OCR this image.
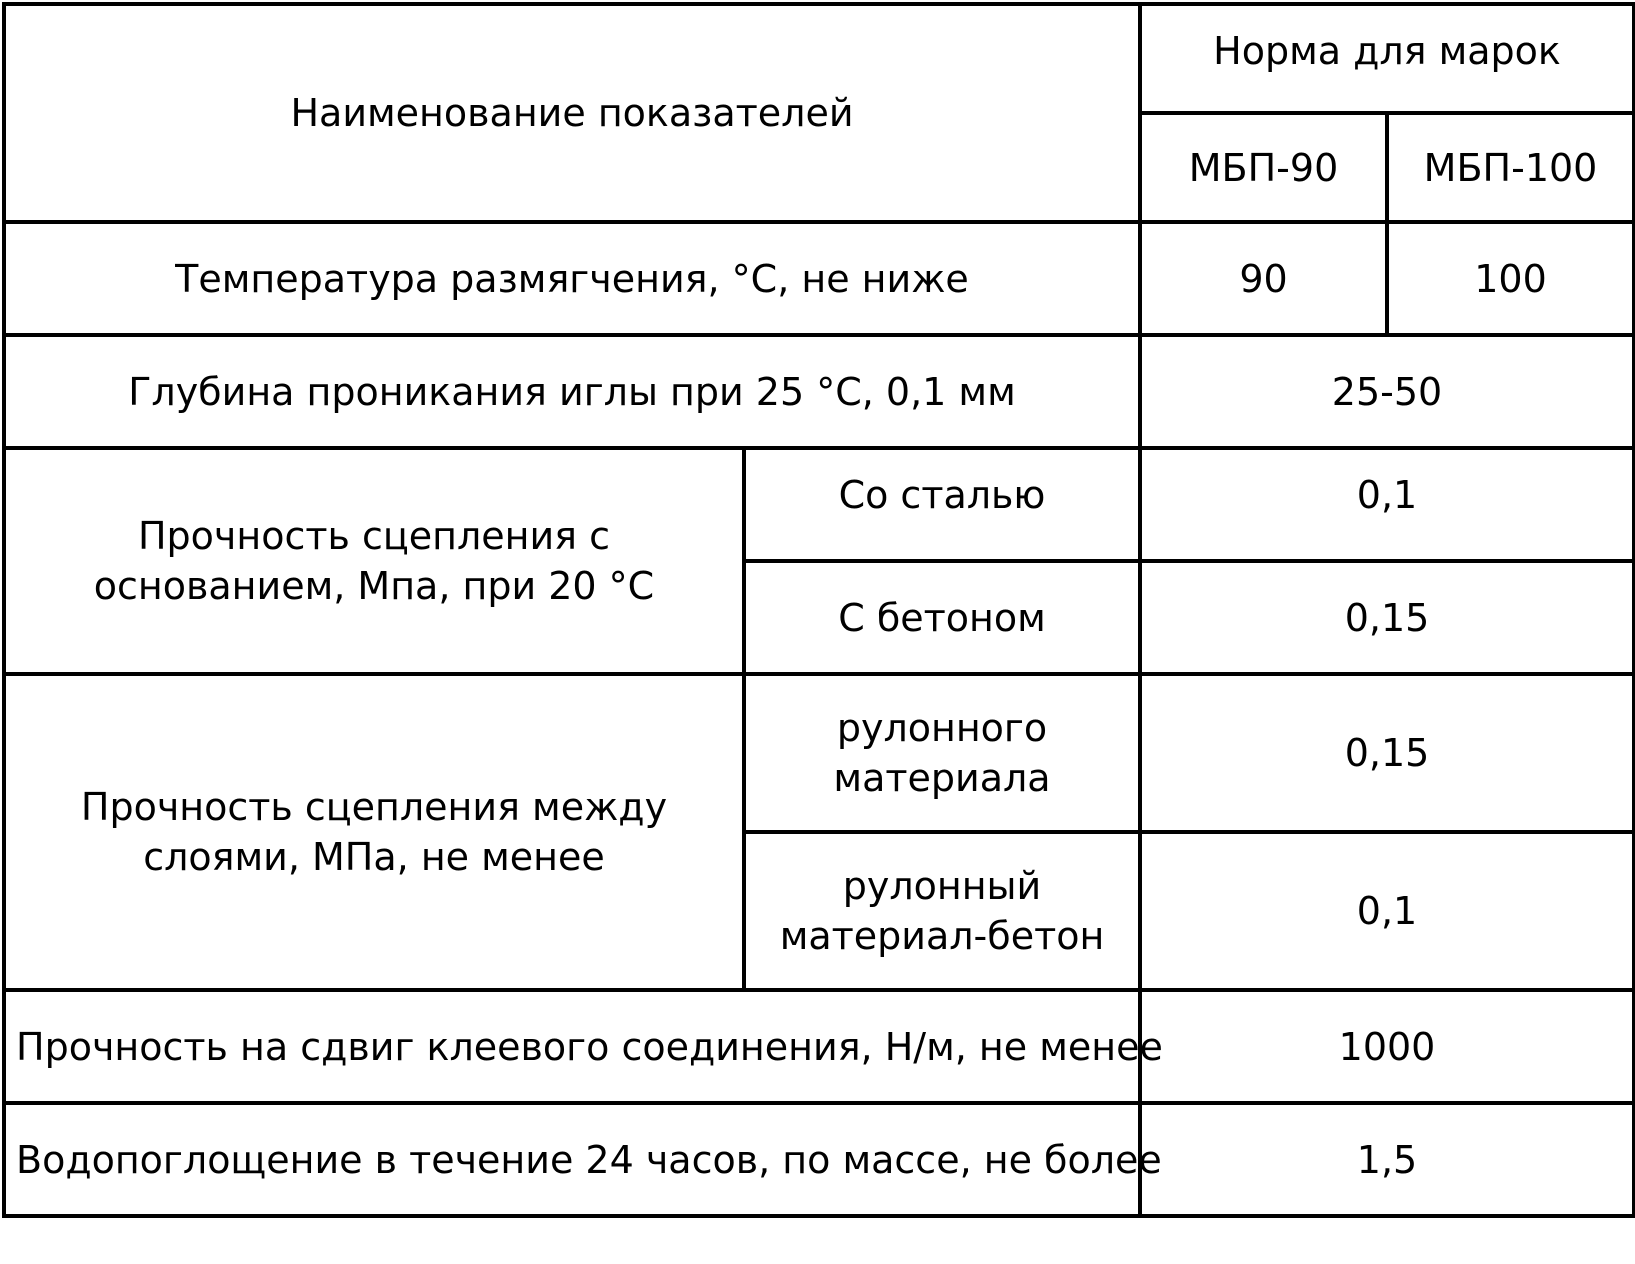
Наименование показателей		Норма для марок	
		МБП-90	МБП-100
Температура размягчения, °С, не ниже		90	100
Глубина проникания иглы при 25 °С, 0,1 мм		25-50	
Прочность сцепления с основанием, Мпа, при 20 °С	Со сталью	0,1	
	С бетоном	0,15	
Прочность сцепления между слоями, МПа, не менее	рулонного материала	0,15	
	рулонный материал-бетон	0,1	
Прочность на сдвиг клеевого соединения, Н/м, не менее		1000	
Водопоглощение в течение 24 часов, по массе, не более		1,5	
